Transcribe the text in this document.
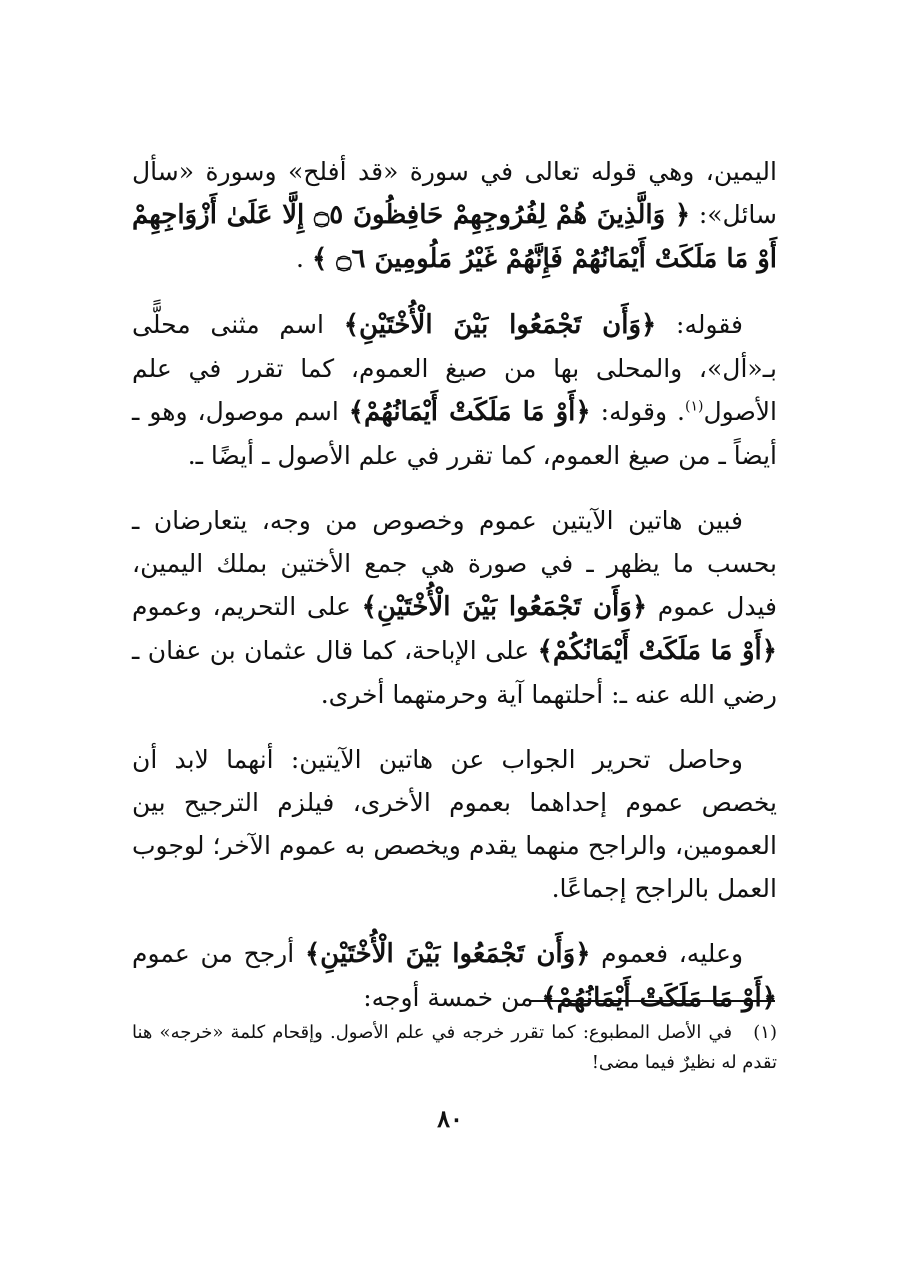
اليمين، وهي قوله تعالى في سورة «قد أفلح» وسورة «سأل سائل»: ﴿ وَالَّذِينَ هُمْ لِفُرُوجِهِمْ حَافِظُونَ ۝٥ إِلَّا عَلَىٰ أَزْوَاجِهِمْ أَوْ مَا مَلَكَتْ أَيْمَانُهُمْ فَإِنَّهُمْ غَيْرُ مَلُومِينَ ۝٦ ﴾ .

فقوله: ﴿وَأَن تَجْمَعُوا بَيْنَ الْأُخْتَيْنِ﴾ اسم مثنى محلًّى بـ«أل»، والمحلى بها من صيغ العموم، كما تقرر في علم الأصول$^{(١)}$. وقوله: ﴿أَوْ مَا مَلَكَتْ أَيْمَانُهُمْ﴾ اسم موصول، وهو ـ أيضاً ـ من صيغ العموم، كما تقرر في علم الأصول ـ أيضًا ـ.

فبين هاتين الآيتين عموم وخصوص من وجه، يتعارضان ـ بحسب ما يظهر ـ في صورة هي جمع الأختين بملك اليمين، فيدل عموم ﴿وَأَن تَجْمَعُوا بَيْنَ الْأُخْتَيْنِ﴾ على التحريم، وعموم ﴿أَوْ مَا مَلَكَتْ أَيْمَانُكُمْ﴾ على الإباحة، كما قال عثمان بن عفان ـ رضي الله عنه ـ: أحلتهما آية وحرمتهما أخرى.

وحاصل تحرير الجواب عن هاتين الآيتين: أنهما لابد أن يخصص عموم إحداهما بعموم الأخرى، فيلزم الترجيح بين العمومين، والراجح منهما يقدم ويخصص به عموم الآخر؛ لوجوب العمل بالراجح إجماعًا.

وعليه، فعموم ﴿وَأَن تَجْمَعُوا بَيْنَ الْأُخْتَيْنِ﴾ أرجح من عموم ﴿أَوْ مَا مَلَكَتْ أَيْمَانُهُمْ﴾ من خمسة أوجه:

(١) في الأصل المطبوع: كما تقرر خرجه في علم الأصول. وإقحام كلمة «خرجه» هنا تقدم له نظيرٌ فيما مضى!

٨٠
